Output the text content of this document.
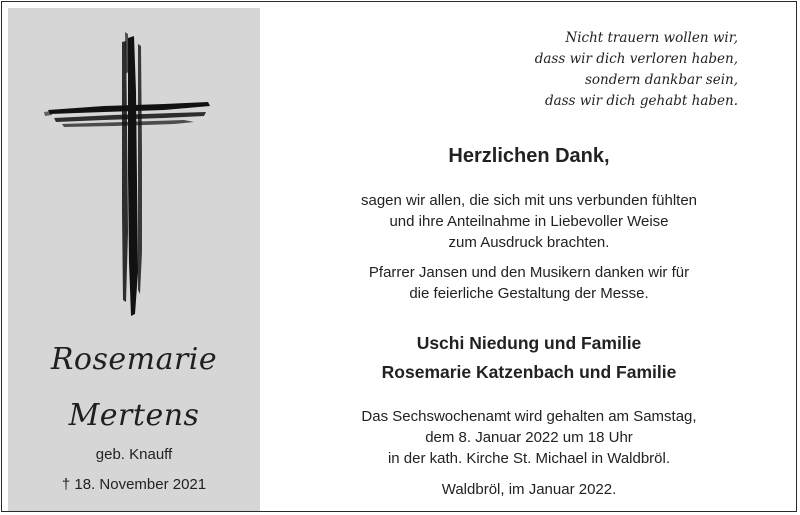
Rosemarie
Mertens
geb. Knauff
† 18. November 2021
Nicht trauern wollen wir,
dass wir dich verloren haben,
sondern dankbar sein,
dass wir dich gehabt haben.
Herzlichen Dank,
sagen wir allen, die sich mit uns verbunden fühlten
und ihre Anteilnahme in Liebevoller Weise
zum Ausdruck brachten.
Pfarrer Jansen und den Musikern danken wir für
die feierliche Gestaltung der Messe.
Uschi Niedung und Familie
Rosemarie Katzenbach und Familie
Das Sechswochenamt wird gehalten am Samstag,
dem 8. Januar 2022 um 18 Uhr
in der kath. Kirche St. Michael in Waldbröl.
Waldbröl, im Januar 2022.
